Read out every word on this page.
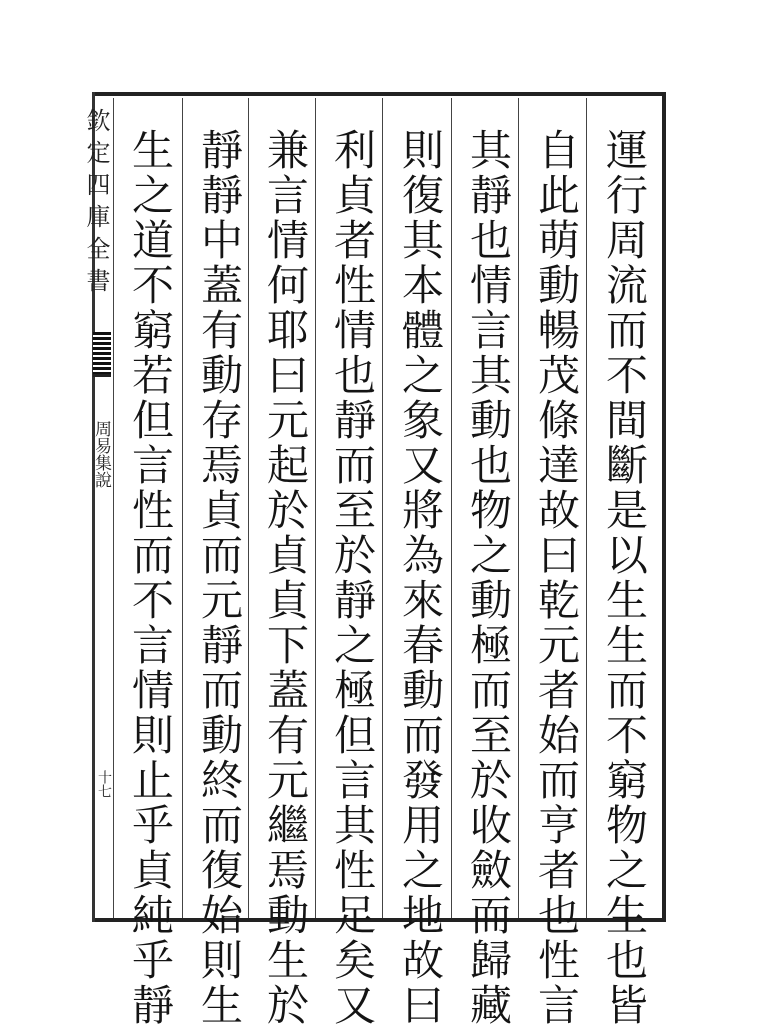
欽定四庫全書
周易集說
十七	運行周流而不間斷是以生生而不窮物之生也皆
自此萌動暢茂條達故曰乾元者始而亨者也性言
其靜也情言其動也物之動極而至於收斂而歸藏
則復其本體之象又將為來春動而發用之地故曰
利貞者性情也靜而至於靜之極但言其性足矣又
兼言情何耶曰元起於貞貞下蓋有元繼焉動生於
靜靜中蓋有動存焉貞而元靜而動終而復始則生
生之道不窮若但言性而不言情則止乎貞純乎靜
